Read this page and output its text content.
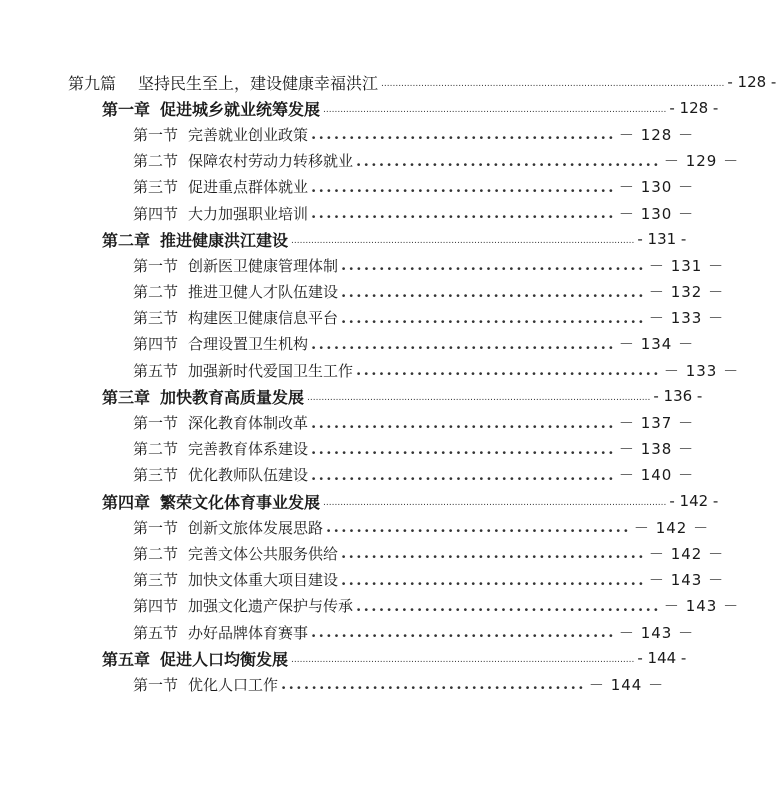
第九篇 坚持民生至上，建设健康幸福洪江 ........................................................................................................................ - 128 -
第一章 促进城乡就业统筹发展 ........................................................................................................................ - 128 -
第一节 完善就业创业政策 ........................................ － 128 －
第二节 保障农村劳动力转移就业 ........................................ － 129 －
第三节 促进重点群体就业 ........................................ － 130 －
第四节 大力加强职业培训 ........................................ － 130 －
第二章 推进健康洪江建设 ........................................................................................................................ - 131 -
第一节 创新医卫健康管理体制 ........................................ － 131 －
第二节 推进卫健人才队伍建设 ........................................ － 132 －
第三节 构建医卫健康信息平台 ........................................ － 133 －
第四节 合理设置卫生机构 ........................................ － 134 －
第五节 加强新时代爱国卫生工作 ........................................ － 133 －
第三章 加快教育高质量发展 ........................................................................................................................ - 136 -
第一节 深化教育体制改革 ........................................ － 137 －
第二节 完善教育体系建设 ........................................ － 138 －
第三节 优化教师队伍建设 ........................................ － 140 －
第四章 繁荣文化体育事业发展 ........................................................................................................................ - 142 -
第一节 创新文旅体发展思路 ........................................ － 142 －
第二节 完善文体公共服务供给 ........................................ － 142 －
第三节 加快文体重大项目建设 ........................................ － 143 －
第四节 加强文化遗产保护与传承 ........................................ － 143 －
第五节 办好品牌体育赛事 ........................................ － 143 －
第五章 促进人口均衡发展 ........................................................................................................................ - 144 -
第一节 优化人口工作 ........................................ － 144 －
